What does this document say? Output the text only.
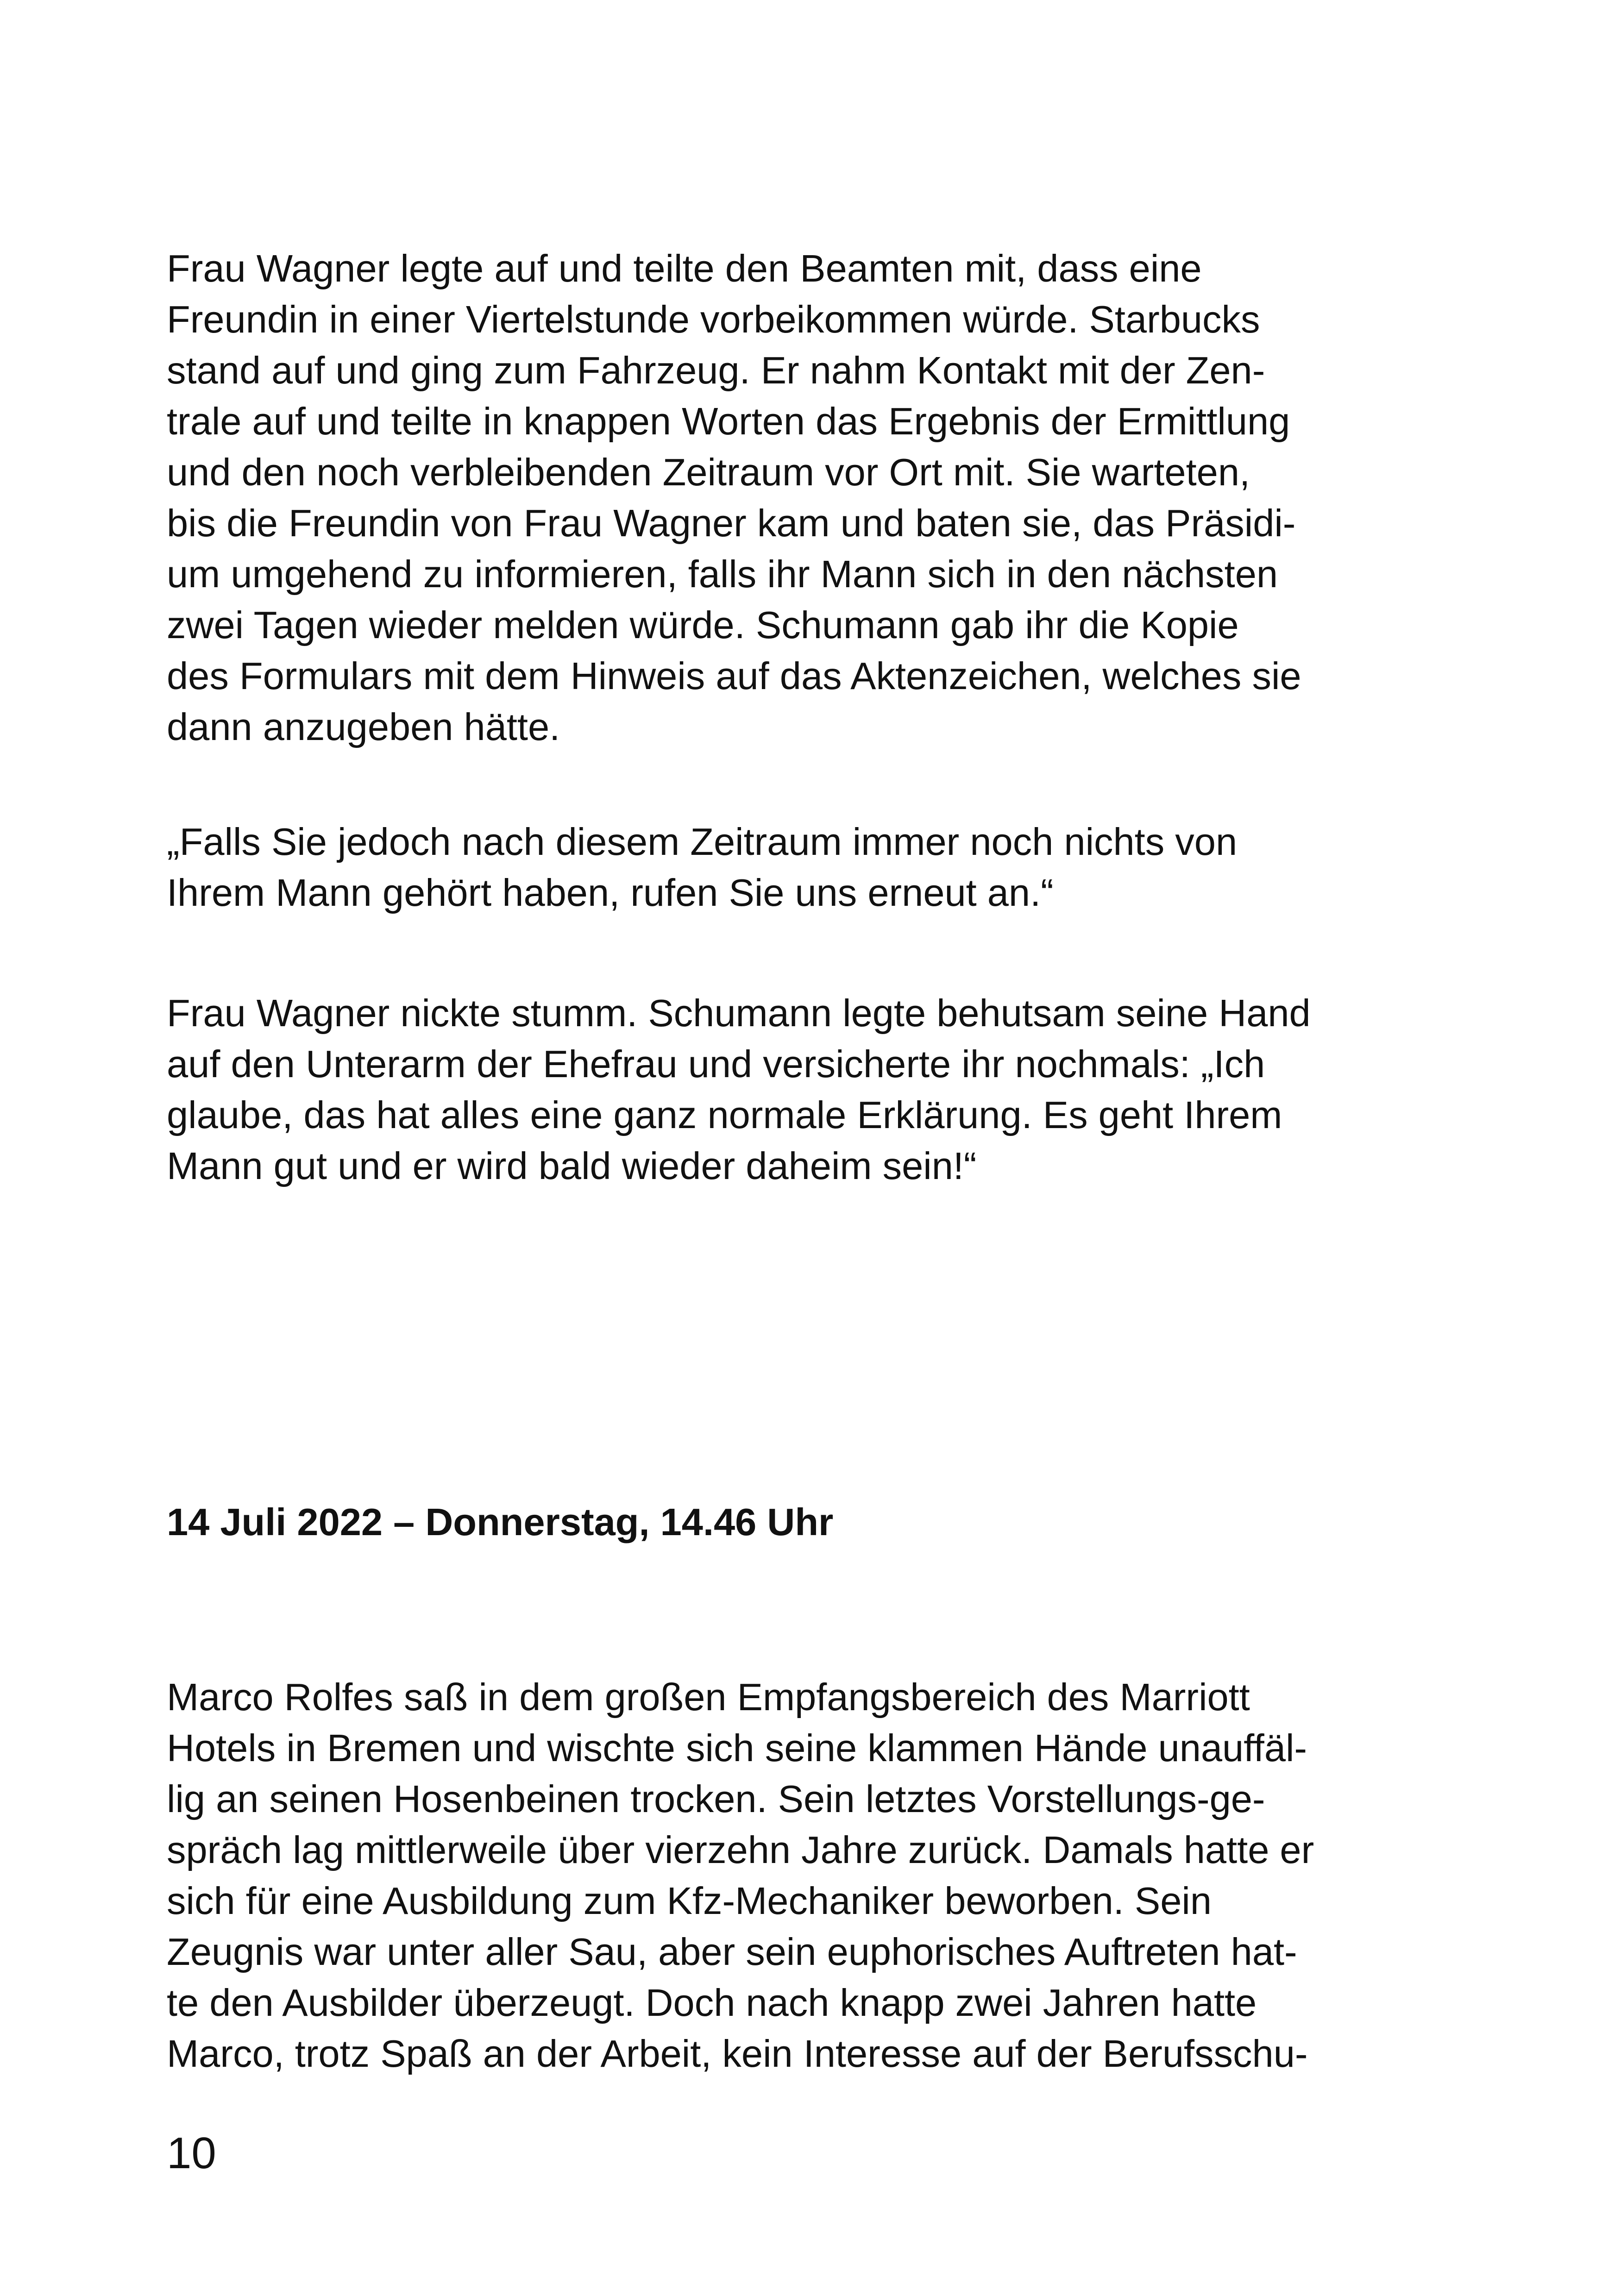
Frau Wagner legte auf und teilte den Beamten mit, dass eine
Freundin in einer Viertelstunde vorbeikommen würde. Starbucks
stand auf und ging zum Fahrzeug. Er nahm Kontakt mit der Zen-
trale auf und teilte in knappen Worten das Ergebnis der Ermittlung
und den noch verbleibenden Zeitraum vor Ort mit. Sie warteten,
bis die Freundin von Frau Wagner kam und baten sie, das Präsidi-
um umgehend zu informieren, falls ihr Mann sich in den nächsten
zwei Tagen wieder melden würde. Schumann gab ihr die Kopie
des Formulars mit dem Hinweis auf das Aktenzeichen, welches sie
dann anzugeben hätte.
„Falls Sie jedoch nach diesem Zeitraum immer noch nichts von
Ihrem Mann gehört haben, rufen Sie uns erneut an.“
Frau Wagner nickte stumm. Schumann legte behutsam seine Hand
auf den Unterarm der Ehefrau und versicherte ihr nochmals: „Ich
glaube, das hat alles eine ganz normale Erklärung. Es geht Ihrem
Mann gut und er wird bald wieder daheim sein!“
14 Juli 2022 – Donnerstag, 14.46 Uhr
Marco Rolfes saß in dem großen Empfangsbereich des Marriott
Hotels in Bremen und wischte sich seine klammen Hände unauffäl-
lig an seinen Hosenbeinen trocken. Sein letztes Vorstellungs-ge-
spräch lag mittlerweile über vierzehn Jahre zurück. Damals hatte er
sich für eine Ausbildung zum Kfz-Mechaniker beworben. Sein
Zeugnis war unter aller Sau, aber sein euphorisches Auftreten hat-
te den Ausbilder überzeugt. Doch nach knapp zwei Jahren hatte
Marco, trotz Spaß an der Arbeit, kein Interesse auf der Berufsschu-
10
